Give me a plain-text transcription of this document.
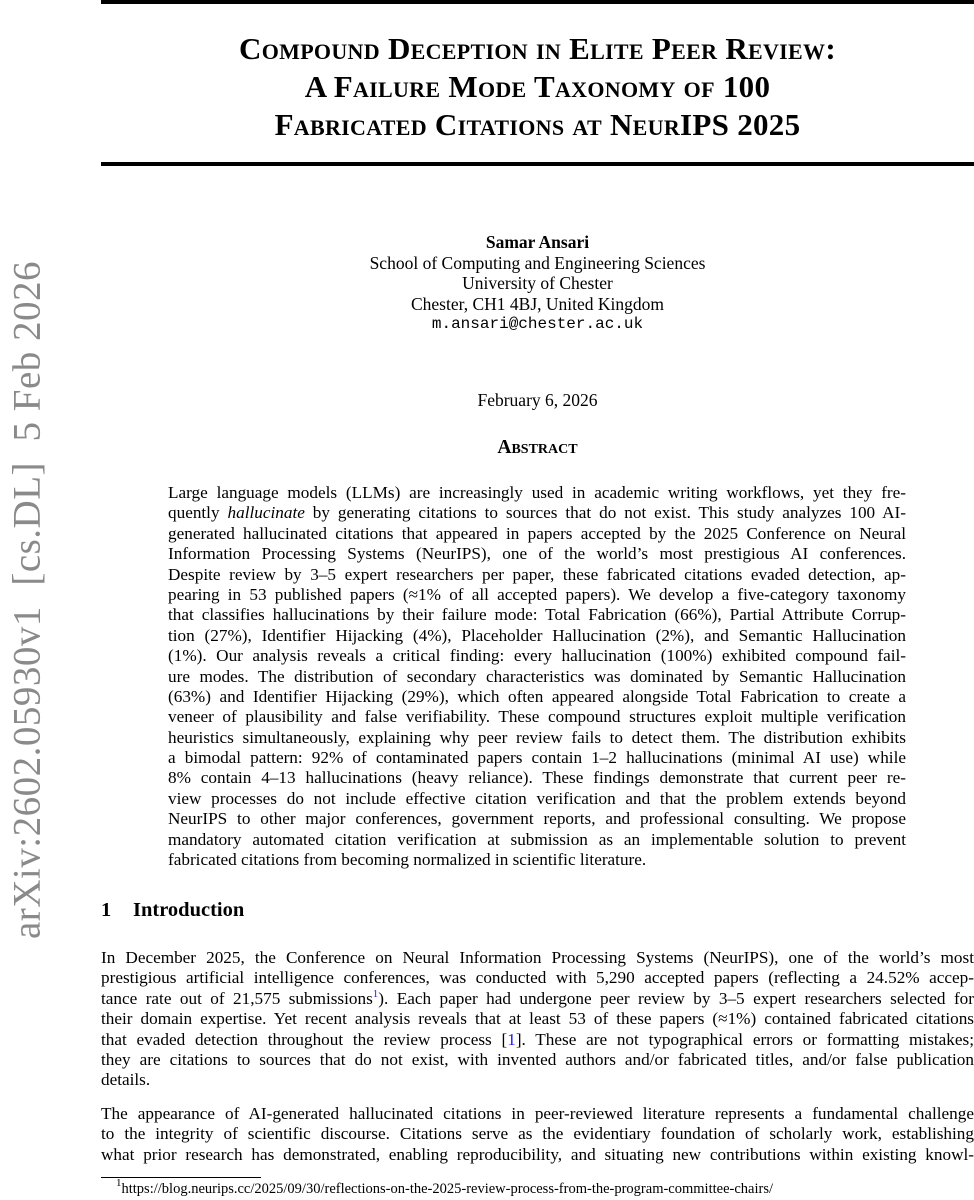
arXiv:2602.05930v1  [cs.DL]  5 Feb 2026
Compound Deception in Elite Peer Review:
A Failure Mode Taxonomy of 100
Fabricated Citations at NeurIPS 2025
Samar Ansari
School of Computing and Engineering Sciences
University of Chester
Chester, CH1 4BJ, United Kingdom
m.ansari@chester.ac.uk
February 6, 2026
Abstract
Large language models (LLMs) are increasingly used in academic writing workflows, yet they fre-
quently hallucinate by generating citations to sources that do not exist. This study analyzes 100 AI-
generated hallucinated citations that appeared in papers accepted by the 2025 Conference on Neural
Information Processing Systems (NeurIPS), one of the world’s most prestigious AI conferences.
Despite review by 3–5 expert researchers per paper, these fabricated citations evaded detection, ap-
pearing in 53 published papers (≈1% of all accepted papers). We develop a five-category taxonomy
that classifies hallucinations by their failure mode: Total Fabrication (66%), Partial Attribute Corrup-
tion (27%), Identifier Hijacking (4%), Placeholder Hallucination (2%), and Semantic Hallucination
(1%). Our analysis reveals a critical finding: every hallucination (100%) exhibited compound fail-
ure modes. The distribution of secondary characteristics was dominated by Semantic Hallucination
(63%) and Identifier Hijacking (29%), which often appeared alongside Total Fabrication to create a
veneer of plausibility and false verifiability. These compound structures exploit multiple verification
heuristics simultaneously, explaining why peer review fails to detect them. The distribution exhibits
a bimodal pattern: 92% of contaminated papers contain 1–2 hallucinations (minimal AI use) while
8% contain 4–13 hallucinations (heavy reliance). These findings demonstrate that current peer re-
view processes do not include effective citation verification and that the problem extends beyond
NeurIPS to other major conferences, government reports, and professional consulting. We propose
mandatory automated citation verification at submission as an implementable solution to prevent
fabricated citations from becoming normalized in scientific literature.
1 Introduction
In December 2025, the Conference on Neural Information Processing Systems (NeurIPS), one of the world’s most
prestigious artificial intelligence conferences, was conducted with 5,290 accepted papers (reflecting a 24.52% accep-
tance rate out of 21,575 submissions$^1$). Each paper had undergone peer review by 3–5 expert researchers selected for
their domain expertise. Yet recent analysis reveals that at least 53 of these papers (≈1%) contained fabricated citations
that evaded detection throughout the review process [1]. These are not typographical errors or formatting mistakes;
they are citations to sources that do not exist, with invented authors and/or fabricated titles, and/or false publication
details.
The appearance of AI-generated hallucinated citations in peer-reviewed literature represents a fundamental challenge
to the integrity of scientific discourse. Citations serve as the evidentiary foundation of scholarly work, establishing
what prior research has demonstrated, enabling reproducibility, and situating new contributions within existing knowl-
$^1$https://blog.neurips.cc/2025/09/30/reflections-on-the-2025-review-process-from-the-program-committee-chairs/
